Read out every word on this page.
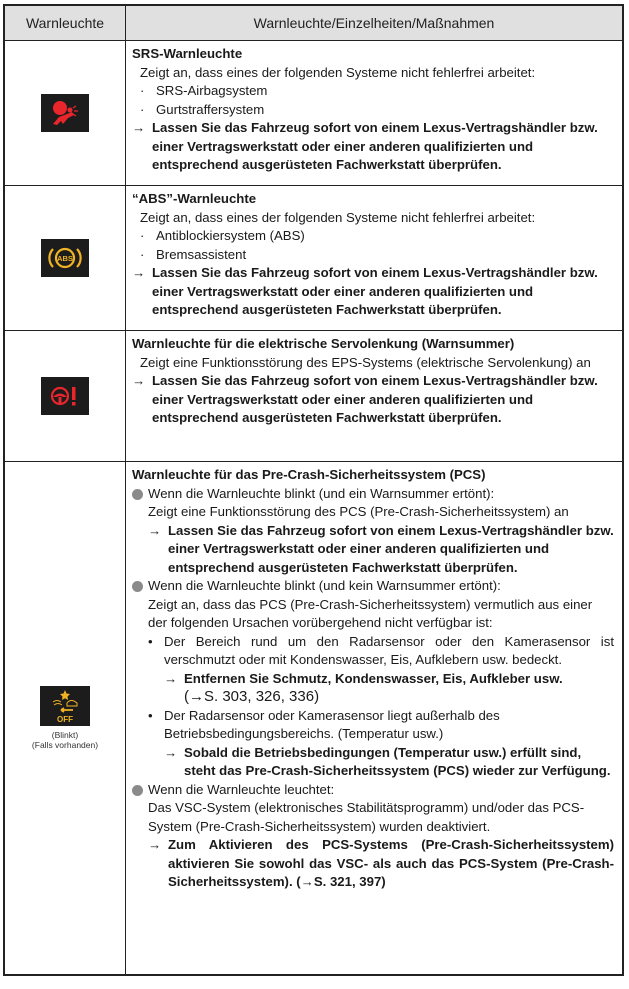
Warnleuchte	Warnleuchte/Einzelheiten/Maßnahmen
SRS-Warnleuchte
Zeigt an, dass eines der folgenden Systeme nicht fehlerfrei arbeitet:
· SRS-Airbagsystem
· Gurtstraffersystem
→ Lassen Sie das Fahrzeug sofort von einem Lexus-Vertragshändler bzw. einer Vertragswerkstatt oder einer anderen qualifizierten und entsprechend ausgerüsteten Fachwerkstatt überprüfen.
ABS
“ABS”-Warnleuchte
Zeigt an, dass eines der folgenden Systeme nicht fehlerfrei arbeitet:
· Antiblockiersystem (ABS)
· Bremsassistent
→ Lassen Sie das Fahrzeug sofort von einem Lexus-Vertragshändler bzw. einer Vertragswerkstatt oder einer anderen qualifizierten und entsprechend ausgerüsteten Fachwerkstatt überprüfen.
Warnleuchte für die elektrische Servolenkung (Warnsummer)
Zeigt eine Funktionsstörung des EPS-Systems (elektrische Servolenkung) an
→ Lassen Sie das Fahrzeug sofort von einem Lexus-Vertragshändler bzw. einer Vertragswerkstatt oder einer anderen qualifizierten und entsprechend ausgerüsteten Fachwerkstatt überprüfen.
OFF
(Blinkt)
(Falls vorhanden)
Warnleuchte für das Pre-Crash-Sicherheitssystem (PCS)
Wenn die Warnleuchte blinkt (und ein Warnsummer ertönt):
Zeigt eine Funktionsstörung des PCS (Pre-Crash-Sicherheitssystem) an
→ Lassen Sie das Fahrzeug sofort von einem Lexus-Vertragshändler bzw. einer Vertragswerkstatt oder einer anderen qualifizierten und entsprechend ausgerüsteten Fachwerkstatt überprüfen.
Wenn die Warnleuchte blinkt (und kein Warnsummer ertönt):
Zeigt an, dass das PCS (Pre-Crash-Sicherheitssystem) vermutlich aus einer der folgenden Ursachen vorübergehend nicht verfügbar ist:
• Der Bereich rund um den Radarsensor oder den Kamerasensor ist verschmutzt oder mit Kondenswasser, Eis, Aufklebern usw. bedeckt.
→ Entfernen Sie Schmutz, Kondenswasser, Eis, Aufkleber usw.
(→S. 303, 326, 336)
• Der Radarsensor oder Kamerasensor liegt außerhalb des Betriebsbedingungsbereichs. (Temperatur usw.)
→ Sobald die Betriebsbedingungen (Temperatur usw.) erfüllt sind, steht das Pre-Crash-Sicherheitssystem (PCS) wieder zur Verfügung.
Wenn die Warnleuchte leuchtet:
Das VSC-System (elektronisches Stabilitätsprogramm) und/oder das PCS-System (Pre-Crash-Sicherheitssystem) wurden deaktiviert.
→ Zum Aktivieren des PCS-Systems (Pre-Crash-Sicherheitssystem) aktivieren Sie sowohl das VSC- als auch das PCS-System (Pre-Crash-Sicherheitssystem). (→S. 321, 397)
